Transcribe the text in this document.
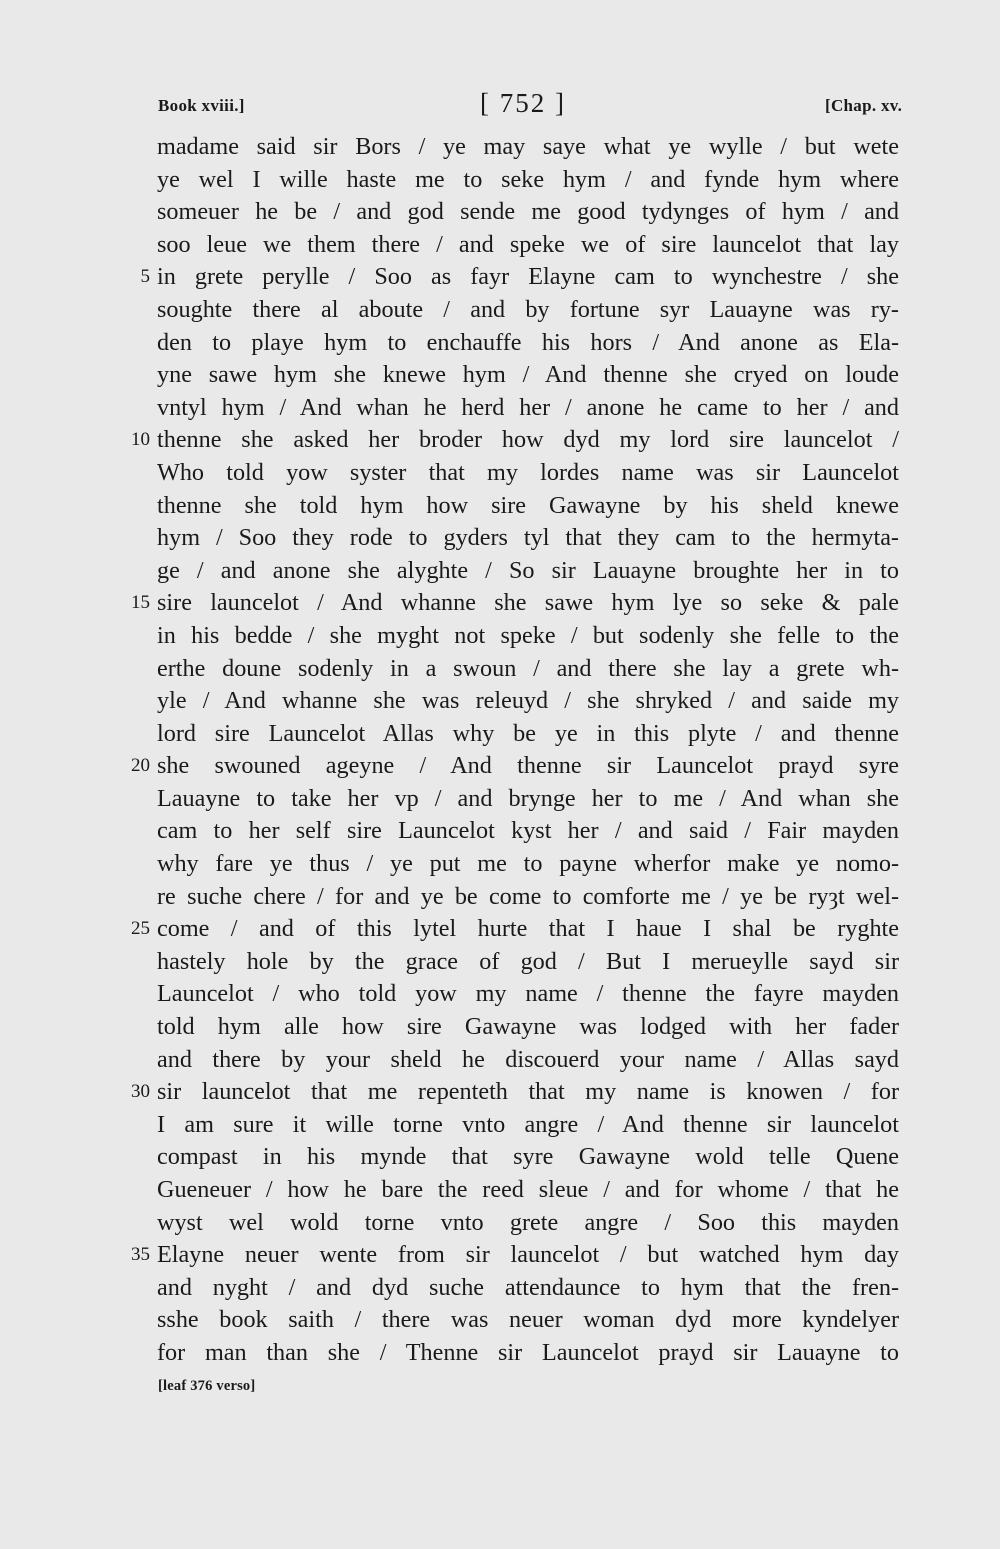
Book xviii.]	[ 752 ]	[Chap. xv.
madame said sir Bors / ye may saye what ye wylle / but wete
ye wel I wille haste me to seke hym / and fynde hym where
someuer he be / and god sende me good tydynges of hym / and
soo leue we them there / and speke we of sire launcelot that lay
5 in grete perylle / Soo as fayr Elayne cam to wynchestre / she
soughte there al aboute / and by fortune syr Lauayne was ry-
den to playe hym to enchauffe his hors / And anone as Ela-
yne sawe hym she knewe hym / And thenne she cryed on loude
vntyl hym / And whan he herd her / anone he came to her / and
10 thenne she asked her broder how dyd my lord sire launcelot /
Who told yow syster that my lordes name was sir Launcelot
thenne she told hym how sire Gawayne by his sheld knewe
hym / Soo they rode to gyders tyl that they cam to the hermyta-
ge / and anone she alyghte / So sir Lauayne broughte her in to
15 sire launcelot / And whanne she sawe hym lye so seke & pale
in his bedde / she myght not speke / but sodenly she felle to the
erthe doune sodenly in a swoun / and there she lay a grete wh-
yle / And whanne she was releuyd / she shryked / and saide my
lord sire Launcelot Allas why be ye in this plyte / and thenne
20 she swouned ageyne / And thenne sir Launcelot prayd syre
Lauayne to take her vp / and brynge her to me / And whan she
cam to her self sire Launcelot kyst her / and said / Fair mayden
why fare ye thus / ye put me to payne wherfor make ye nomo-
re suche chere / for and ye be come to comforte me / ye be ryȝt wel-
25 come / and of this lytel hurte that I haue I shal be ryghte
hastely hole by the grace of god / But I merueylle sayd sir
Launcelot / who told yow my name / thenne the fayre mayden
told hym alle how sire Gawayne was lodged with her fader
and there by your sheld he discouerd your name / Allas sayd
30 sir launcelot that me repenteth that my name is knowen / for
I am sure it wille torne vnto angre / And thenne sir launcelot
compast in his mynde that syre Gawayne wold telle Quene
Gueneuer / how he bare the reed sleue / and for whome / that he
wyst wel wold torne vnto grete angre / Soo this mayden
35 Elayne neuer wente from sir launcelot / but watched hym day
and nyght / and dyd suche attendaunce to hym that the fren-
sshe book saith / there was neuer woman dyd more kyndelyer
for man than she / Thenne sir Launcelot prayd sir Lauayne to
[leaf 376 verso]
